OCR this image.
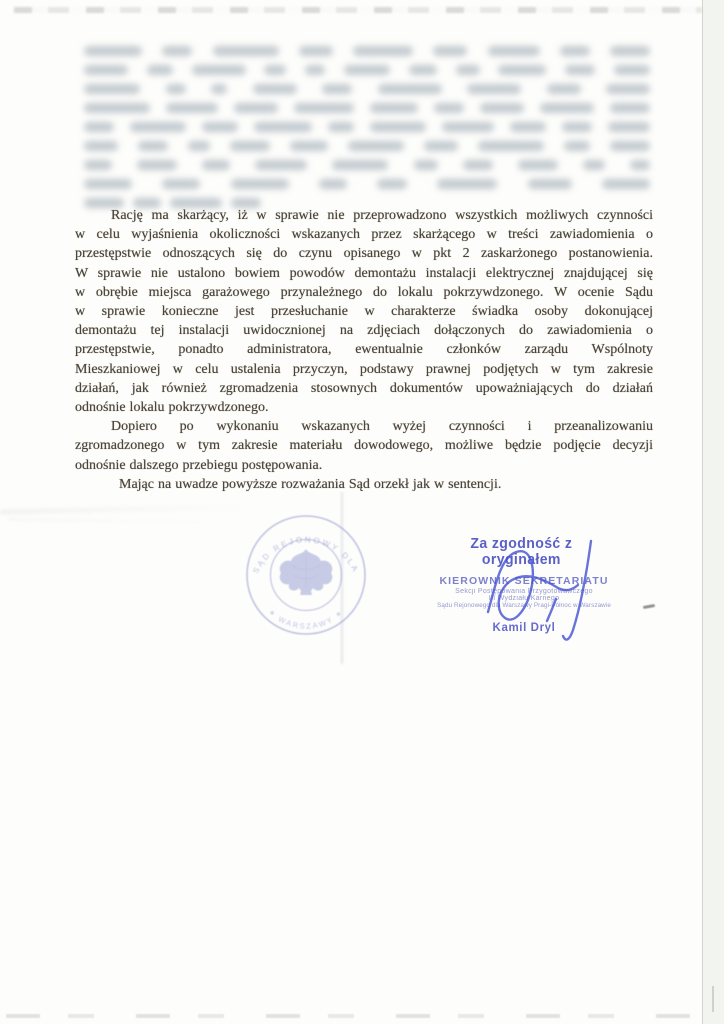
Rację ma skarżący, iż w sprawie nie przeprowadzono wszystkich możliwych czynności
w celu wyjaśnienia okoliczności wskazanych przez skarżącego w treści zawiadomienia o
przestępstwie odnoszących się do czynu opisanego w pkt 2 zaskarżonego postanowienia.
W sprawie nie ustalono bowiem powodów demontażu instalacji elektrycznej znajdującej się
w obrębie miejsca garażowego przynależnego do lokalu pokrzywdzonego. W ocenie Sądu
w sprawie konieczne jest przesłuchanie w charakterze świadka osoby dokonującej
demontażu tej instalacji uwidocznionej na zdjęciach dołączonych do zawiadomienia o
przestępstwie, ponadto administratora, ewentualnie członków zarządu Wspólnoty
Mieszkaniowej w celu ustalenia przyczyn, podstawy prawnej podjętych w tym zakresie
działań, jak również zgromadzenia stosownych dokumentów upoważniających do działań
odnośnie lokalu pokrzywdzonego.
Dopiero po wykonaniu wskazanych wyżej czynności i przeanalizowaniu
zgromadzonego w tym zakresie materiału dowodowego, możliwe będzie podjęcie decyzji
odnośnie dalszego przebiegu postępowania.
Mając na uwadze powyższe rozważania Sąd orzekł jak w sentencji.
SĄD REJONOWY DLA
✶ WARSZAWY ✶
Za zgodność z oryginałem
KIEROWNIK SEKRETARIATU
Sekcji Postępowania Przygotowawczego
III Wydziału Karnego
Sądu Rejonowego dla Warszawy Pragi-Północ w Warszawie
Kamil Dryl
